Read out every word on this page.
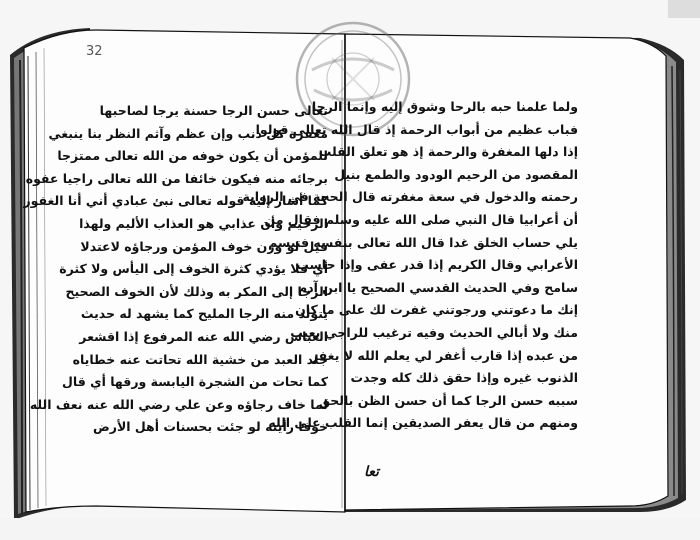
32
تعالى حسن الرجا حسنة يرجا لصاحبها
مغفرة كل ذنب وإن عظم وآثم النظر بنا ينبغي
للمؤمن أن يكون خوفه من الله تعالى ممتزجا
برجائه منه فيكون خائفا من الله تعالى راجيا عفوه
كما أشار إليه قوله تعالى نبئ عبادي أني أنا الغفور
الرحيم وأن عذابي هو العذاب الأليم ولهذا
قيل لو وزن خوف المؤمن ورجاؤه لاعتدلا
أي فلا يؤدي كثرة الخوف إلى اليأس ولا كثرة
الرجا إلى المكر به وذلك لأن الخوف الصحيح
يتولد منه الرجا المليح كما يشهد له حديث
العباس رضي الله عنه المرفوع إذا اقشعر
جلد العبد من خشية الله تحاتت عنه خطاياه
كما تحات من الشجرة اليابسة ورقها أي قال
لما خاف رجاؤه وعن علي رضي الله عنه نعف الله
خوفا رأيته لو جئت بحسنات أهل الأرض
ولما علمنا حبه بالرحا وشوق إليه وإنما الرجا
فباب عظيم من أبواب الرحمة إذ قال الله تعالى قولوا
إذا دلها المغفرة والرحمة إذ هو تعلق القلب
المقصود من الرحيم الودود والطمع بنيل
رحمته والدخول في سعة مغفرته قال الحجة في الرواية
أن أعرابيا قال النبي صلى الله عليه وسلم فقال من
يلي حساب الخلق غدا قال الله تعالى بنفسه فتبسم
الأعرابي وقال الكريم إذا قدر عفى وإذا حاسب
سامح وفي الحديث القدسي الصحيح يا ابن آدم
إنك ما دعوتني ورجوتني غفرت لك على ما كان
منك ولا أبالي الحديث وفيه ترغيب للراجي بعيب
من عبده إذا قارب أغفر لي يعلم الله لا يغفر
الذنوب غيره وإذا حقق ذلك كله وجدت
سببه حسن الرجا كما أن حسن الظن بالحق
ومنهم من قال يعفر الصديقين إنما القلب على الله
تعا
